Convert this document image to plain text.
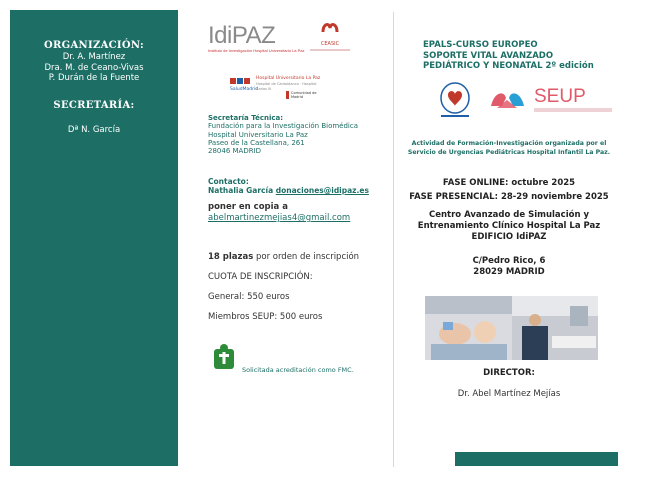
ORGANIZACIÓN:
Dr. A. Martínez
Dra. M. de Ceano-Vivas
P. Durán de la Fuente
SECRETARÍA:
Dª N. García
IdiPAZ
Instituto de Investigación Hospital Universitario La Paz
CEASIC
Hospital Universitario La Paz
Hospital de Cantoblanco · Hospital Carlos III
SaludMadrid
Comunidad de Madrid
Secretaría Técnica:
Fundación para la Investigación Biomédica
Hospital Universitario La Paz
Paseo de la Castellana, 261
28046 MADRID
Contacto:
Nathalia García donaciones@idipaz.es
poner en copia a
abelmartinezmejias4@gmail.com
18 plazas por orden de inscripción
CUOTA DE INSCRIPCIÓN:
General: 550 euros
Miembros SEUP: 500 euros
Solicitada acreditación como FMC.
EPALS-CURSO EUROPEO
SOPORTE VITAL AVANZADO
PEDIÁTRICO Y NEONATAL 2º edición
SEUP
Actividad de Formación-Investigación organizada por el
Servicio de Urgencias Pediátricas Hospital Infantil La Paz.
FASE ONLINE: octubre 2025
FASE PRESENCIAL: 28-29 noviembre 2025
Centro Avanzado de Simulación y
Entrenamiento Clínico Hospital La Paz
EDIFICIO IdiPAZ
C/Pedro Rico, 6
28029 MADRID
DIRECTOR:
Dr. Abel Martínez Mejías
